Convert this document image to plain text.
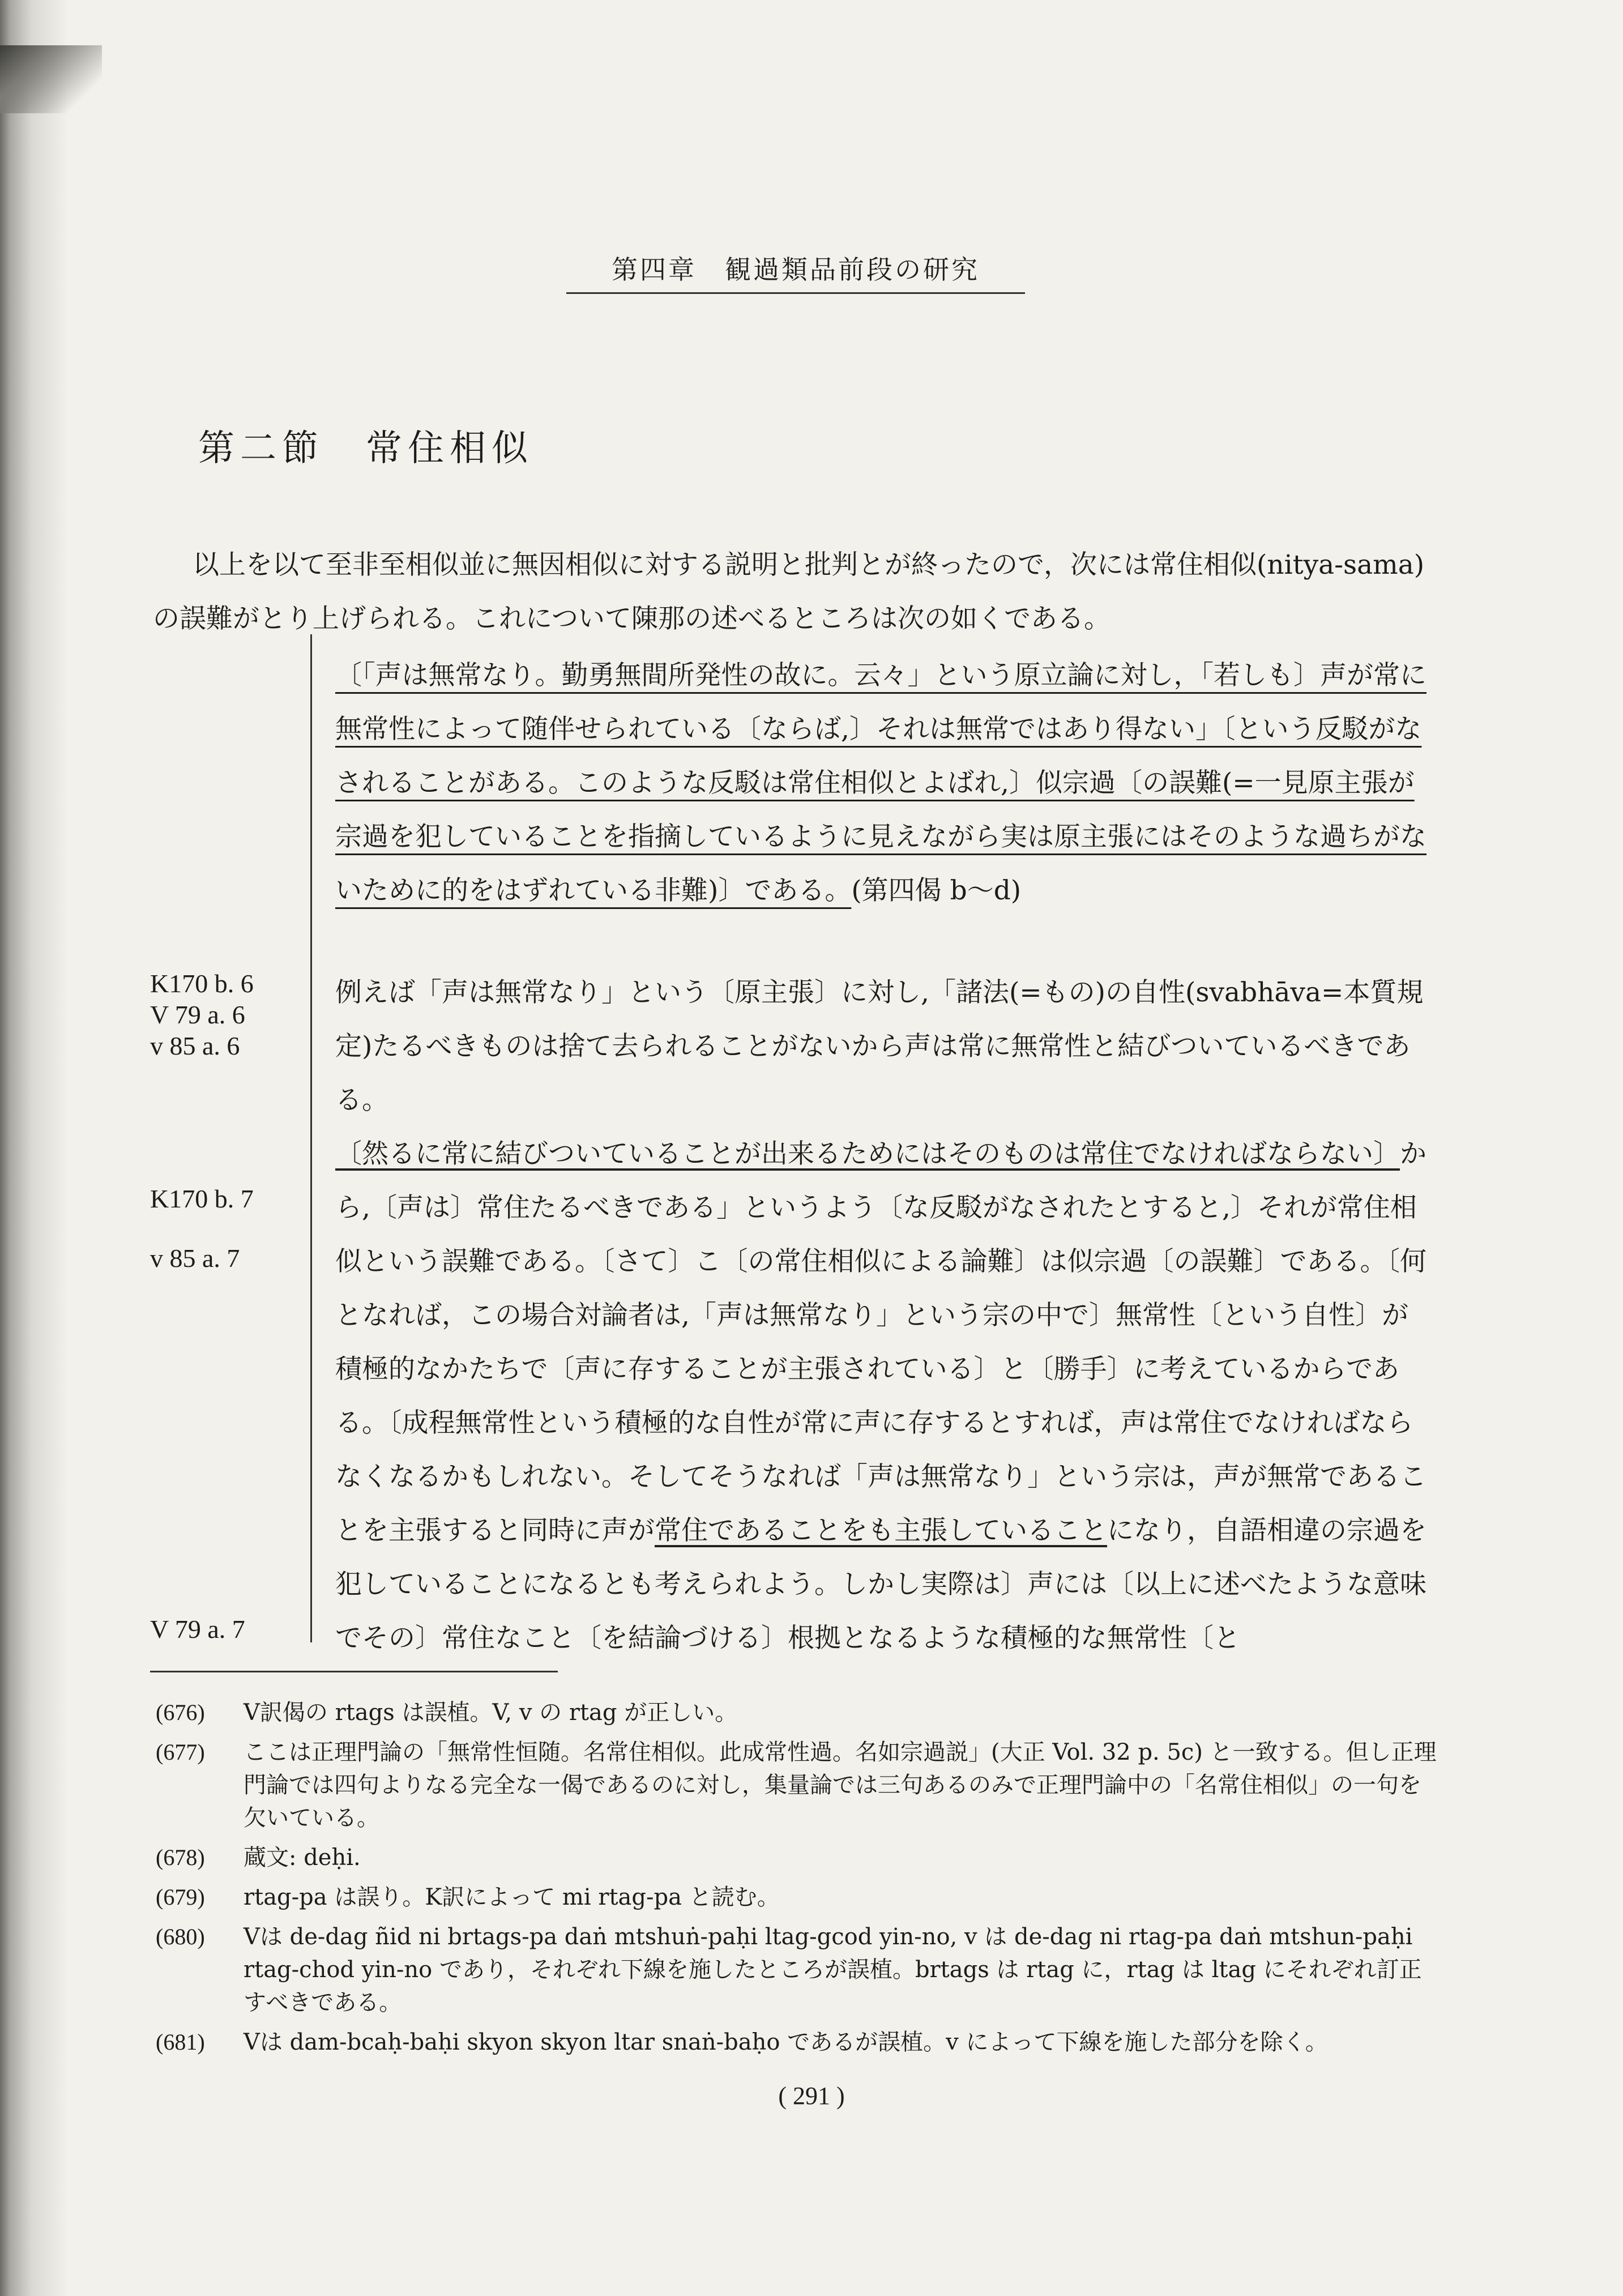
第四章　観過類品前段の研究
第二節　常住相似

以上を以て至非至相似並に無因相似に対する説明と批判とが終ったので，次には常住相似(nitya-sama)の誤難がとり上げられる。これについて陳那の述べるところは次の如くである。

〔「声は無常なり。勤勇無間所発性の故に。云々」という原立論に対し，「若しも〕声が常に無常性によって随伴せられている〔ならば,〕それは無常ではあり得ない」〔という反駁がなされることがある。このような反駁は常住相似とよばれ,〕似宗過〔の誤難(=一見原主張が宗過を犯していることを指摘しているように見えながら実は原主張にはそのような過ちがないために的をはずれている非難)〕である。(第四偈 b〜d)

例えば「声は無常なり」という〔原主張〕に対し,「諸法(=もの)の自性(svabhāva=本質規定)たるべきものは捨て去られることがないから声は常に無常性と結びついているべきである。〔然るに常に結びついていることが出来るためにはそのものは常住でなければならない〕から,〔声は〕常住たるべきである」というよう〔な反駁がなされたとすると,〕それが常住相似という誤難である。〔さて〕こ〔の常住相似による論難〕は似宗過〔の誤難〕である。〔何となれば，この場合対論者は,「声は無常なり」という宗の中で〕無常性〔という自性〕が積極的なかたちで〔声に存することが主張されている〕と〔勝手〕に考えているからである。〔成程無常性という積極的な自性が常に声に存するとすれば，声は常住でなければならなくなるかもしれない。そしてそうなれば「声は無常なり」という宗は，声が無常であることを主張すると同時に声が常住であることをも主張していることになり，自語相違の宗過を犯していることになるとも考えられよう。しかし実際は〕声には〔以上に述べたような意味でその〕常住なこと〔を結論づける〕根拠となるような積極的な無常性〔と

K170 b. 6
V 79 a. 6
v 85 a. 6
K170 b. 7
v 85 a. 7
V 79 a. 7
(676)	V訳偈の rtags は誤植。V, v の rtag が正しい。
(677)	ここは正理門論の「無常性恒随。名常住相似。此成常性過。名如宗過説」(大正 Vol. 32 p. 5c) と一致する。但し正理門論では四句よりなる完全な一偈であるのに対し，集量論では三句あるのみで正理門論中の「名常住相似」の一句を欠いている。
(678)	蔵文: deḥi.
(679)	rtag-pa は誤り。K訳によって mi rtag-pa と読む。
(680)	Vは de-dag ñid ni brtags-pa daṅ mtshuṅ-paḥi ltag-gcod yin-no, v は de-dag ni rtag-pa daṅ mtshun-paḥi rtag-chod yin-no であり，それぞれ下線を施したところが誤植。brtags は rtag に，rtag は ltag にそれぞれ訂正すべきである。
(681)	Vは dam-bcaḥ-baḥi skyon skyon ltar snaṅ-baḥo であるが誤植。v によって下線を施した部分を除く。
( 291 )
